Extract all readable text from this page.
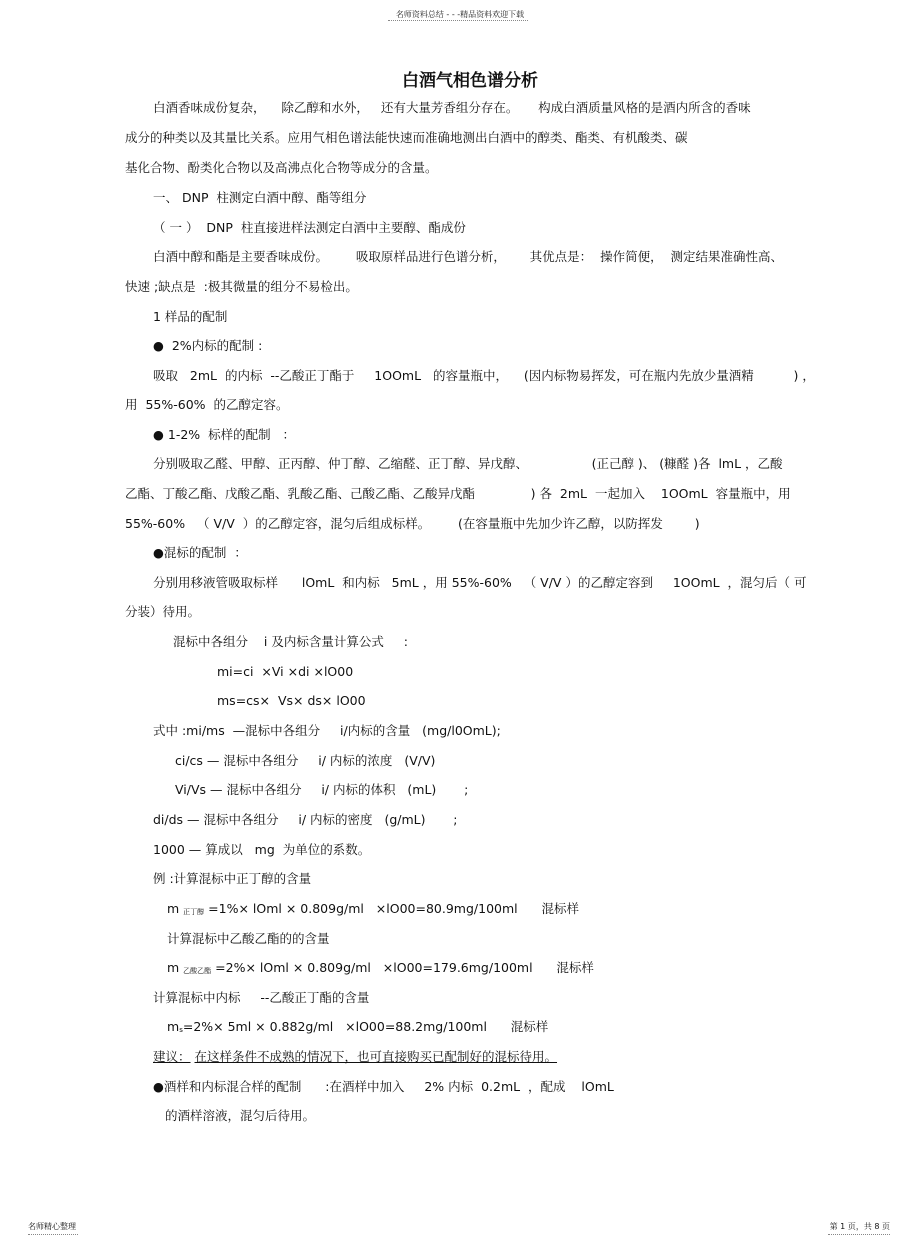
名师资料总结 - - -精品资料欢迎下载
白酒气相色谱分析
白酒香味成份复杂，    除乙醇和水外，   还有大量芳香组分存在。     构成白酒质量风格的是酒内所含的香味
成分的种类以及其量比关系。应用气相色谱法能快速而准确地测出白酒中的醇类、酯类、有机酸类、碳
基化合物、酚类化合物以及高沸点化合物等成分的含量。
一、 DNP  柱测定白酒中醇、酯等组分
（ 一 ）  DNP  柱直接进样法测定白酒中主要醇、酯成份
白酒中醇和酯是主要香味成份。       吸取原样品进行色谱分析，      其优点是：  操作简便，  测定结果准确性高、
快速 ;缺点是  :极其微量的组分不易检出。
1 样品的配制
●  2%内标的配制 :
吸取   2mL  的内标  --乙酸正丁酯于     1OOmL   的容量瓶中，    (因内标物易挥发，可在瓶内先放少量酒精          ) ，
用  55%-60%  的乙醇定容。
● 1-2%  标样的配制   ：
分别吸取乙醛、甲醇、正丙醇、仲丁醇、乙缩醛、正丁醇、异戊醇、                (正己醇 )、 (糠醛 )各  lmL ，乙酸
乙酯、丁酸乙酯、戊酸乙酯、乳酸乙酯、己酸乙酯、乙酸异戊酯              ) 各  2mL  一起加入    1OOmL  容量瓶中，用
55%-60%   （ V/V  ）的乙醇定容，混匀后组成标样。       (在容量瓶中先加少许乙醇，以防挥发        )
●混标的配制  ：
分别用移液管吸取标样      lOmL  和内标   5mL ，用 55%-60%   （ V/V ）的乙醇定容到     1OOmL  ，混匀后（ 可
分装）待用。
混标中各组分    i 及内标含量计算公式     :
mi=ci  ×Vi ×di ×lO00
ms=cs×  Vs× ds× lO00
式中 :mi/ms  —混标中各组分     i/内标的含量   (mg/l0OmL);
ci/cs — 混标中各组分     i/ 内标的浓度   (V/V)
Vi/Vs — 混标中各组分     i/ 内标的体积   (mL)       ;
di/ds — 混标中各组分     i/ 内标的密度   (g/mL)       ;
1000 — 算成以   mg  为单位的系数。
例 :计算混标中正丁醇的含量
m 正丁醇 =1%× lOml × 0.809g/ml   ×lO00=80.9mg/100ml      混标样
计算混标中乙酸乙酯的的含量
m 乙酸乙酯 =2%× lOml × 0.809g/ml   ×lO00=179.6mg/100ml      混标样
计算混标中内标     --乙酸正丁酯的含量
ms=2%× 5ml × 0.882g/ml   ×lO00=88.2mg/100ml      混标样
建议： 在这样条件不成熟的情况下，也可直接购买已配制好的混标待用。
●酒样和内标混合样的配制      :在酒样中加入     2% 内标  0.2mL  ，配成    lOmL
的酒样溶液，混匀后待用。
名师精心整理	第 1 页，共 8 页
